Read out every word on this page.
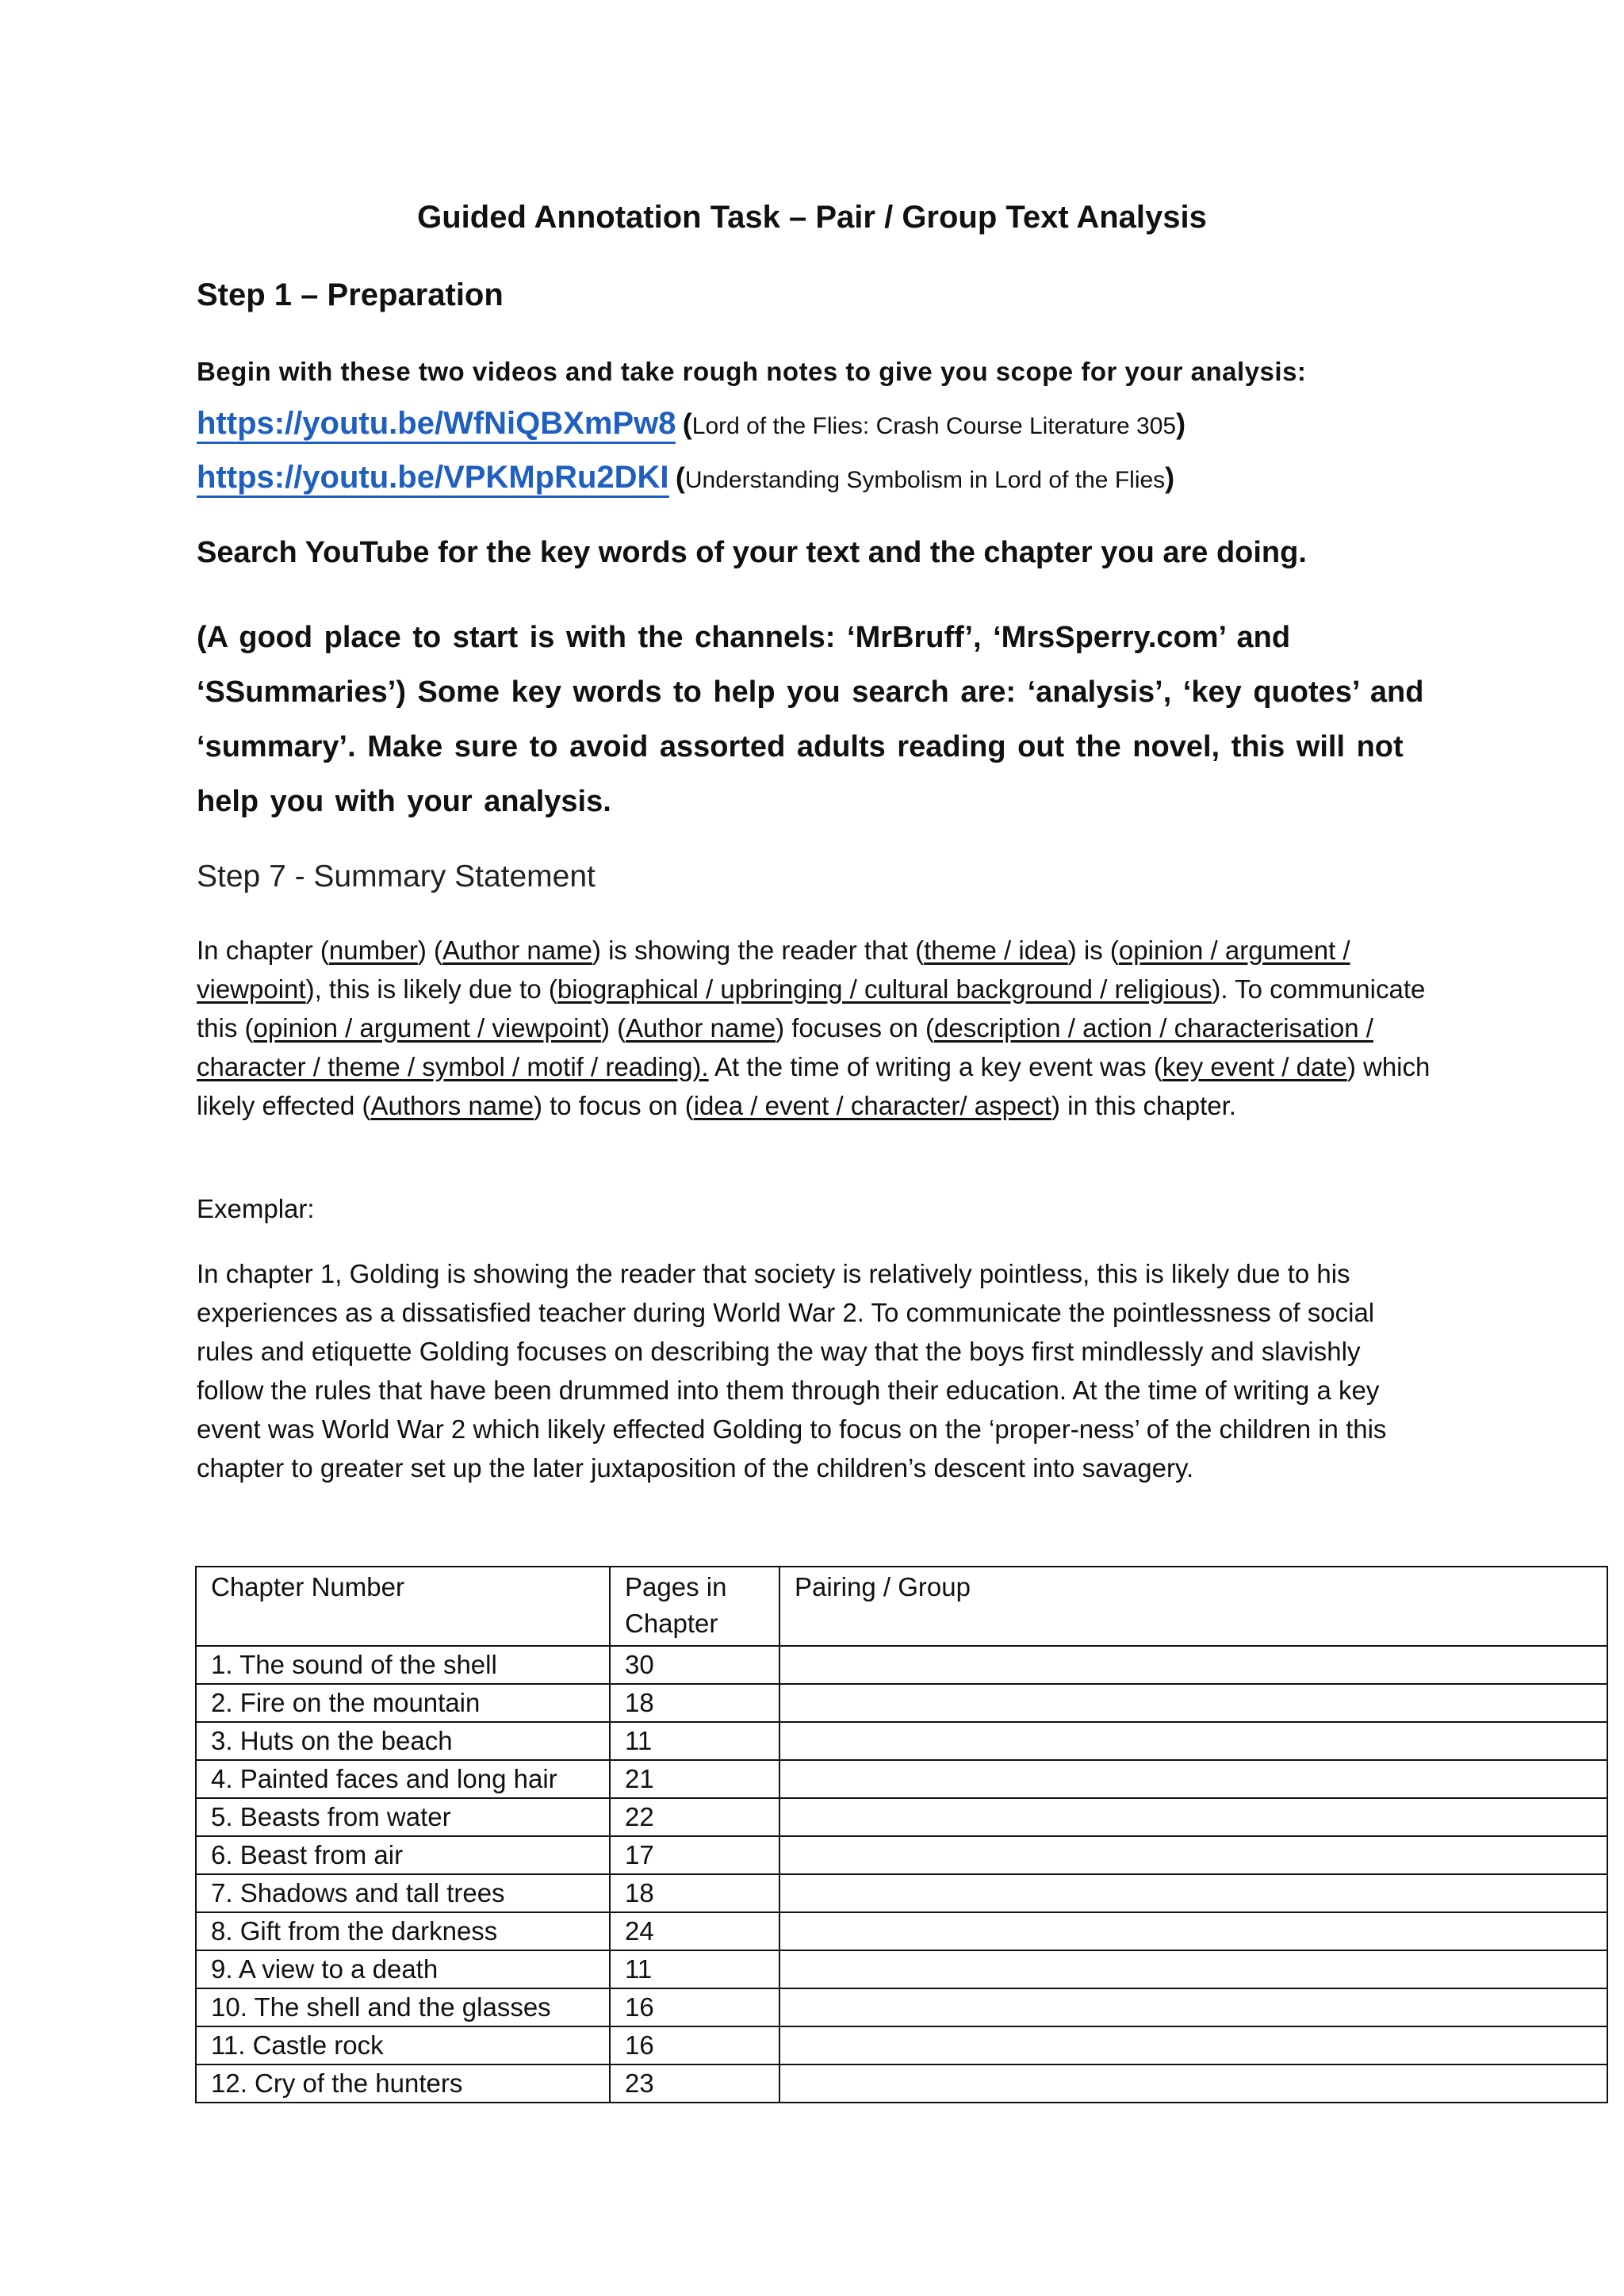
Guided Annotation Task – Pair / Group Text Analysis
Step 1 – Preparation
Begin with these two videos and take rough notes to give you scope for your analysis:
https://youtu.be/WfNiQBXmPw8 (Lord of the Flies: Crash Course Literature 305)
https://youtu.be/VPKMpRu2DKI (Understanding Symbolism in Lord of the Flies)
Search YouTube for the key words of your text and the chapter you are doing.
(A good place to start is with the channels: ‘MrBruff’, ‘MrsSperry.com’ and ‘SSummaries’) Some key words to help you search are: ‘analysis’, ‘key quotes’ and ‘summary’. Make sure to avoid assorted adults reading out the novel, this will not help you with your analysis.
Step 7 - Summary Statement
In chapter (number) (Author name) is showing the reader that (theme / idea) is (opinion / argument / viewpoint), this is likely due to (biographical / upbringing / cultural background / religious). To communicate this (opinion / argument / viewpoint) (Author name) focuses on (description / action / characterisation / character / theme / symbol / motif / reading). At the time of writing a key event was (key event / date) which likely effected (Authors name) to focus on (idea / event / character/ aspect) in this chapter.
Exemplar:
In chapter 1, Golding is showing the reader that society is relatively pointless, this is likely due to his experiences as a dissatisfied teacher during World War 2. To communicate the pointlessness of social rules and etiquette Golding focuses on describing the way that the boys first mindlessly and slavishly follow the rules that have been drummed into them through their education. At the time of writing a key event was World War 2 which likely effected Golding to focus on the ‘proper-ness’ of the children in this chapter to greater set up the later juxtaposition of the children’s descent into savagery.
Chapter Number	Pages in Chapter	Pairing / Group
1. The sound of the shell	30	
2. Fire on the mountain	18	
3. Huts on the beach	11	
4. Painted faces and long hair	21	
5. Beasts from water	22	
6. Beast from air	17	
7. Shadows and tall trees	18	
8. Gift from the darkness	24	
9. A view to a death	11	
10. The shell and the glasses	16	
11. Castle rock	16	
12. Cry of the hunters	23	
